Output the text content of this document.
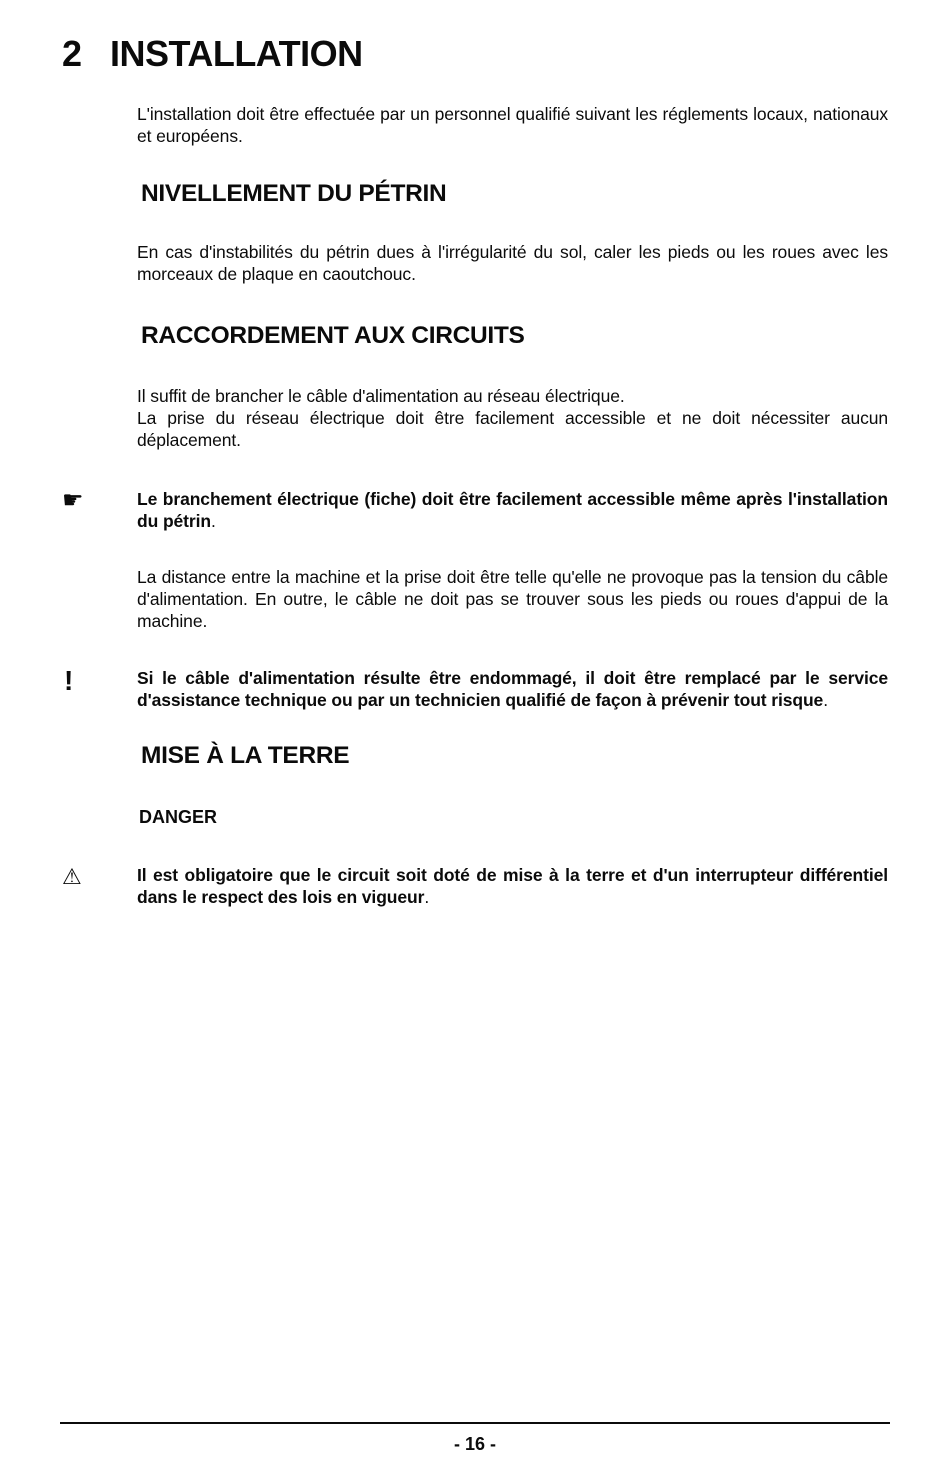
2 INSTALLATION

L'installation doit être effectuée par un personnel qualifié suivant les réglements locaux, nationaux et européens.

NIVELLEMENT DU PÉTRIN

En cas d'instabilités du pétrin dues à l'irrégularité du sol, caler les pieds ou les roues avec les morceaux de plaque en caoutchouc.

RACCORDEMENT AUX CIRCUITS

Il suffit de brancher le câble d'alimentation au réseau électrique.

La prise du réseau électrique doit être facilement accessible et ne doit nécessiter aucun déplacement.

☛	Le branchement électrique (fiche) doit être facilement accessible même après l'installation du pétrin.

La distance entre la machine et la prise doit être telle qu'elle ne provoque pas la tension du câble d'alimentation. En outre, le câble ne doit pas se trouver sous les pieds ou roues d'appui de la machine.

!	Si le câble d'alimentation résulte être endommagé, il doit être remplacé par le service d'assistance technique ou par un technicien qualifié de façon à prévenir tout risque.

MISE À LA TERRE
DANGER
⚠	Il est obligatoire que le circuit soit doté de mise à la terre et d'un interrupteur différentiel dans le respect des lois en vigueur.

- 16 -
